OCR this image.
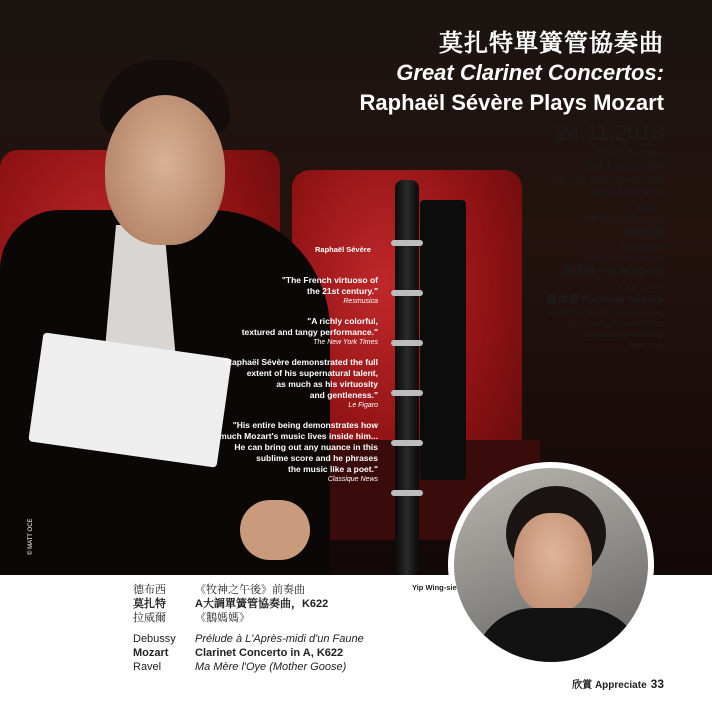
© MATT OCE
莫扎特單簧管協奏曲
Great Clarinet Concertos:
Raphaël Sévère Plays Mozart
24.11.2018
星期六 Sat 8pm
香港大會堂音樂廳
HK City Hall Concert Hall
$420 $320 $200
票房售票
URBTIX Box Office opens:
22.9.2018
音樂總監/指揮
Music Director/Conductor
葉詠詩 Yip Wing-sie
單簧管 Clarinet
塞韋爾 Raphaël Sévère
• 1st Prize & eight special prizes,
2013 Young Concert Artists
International Auditions,
New York
Raphaël Sévère
"The French virtuoso of
the 21st century."
Resmusica
"A richly colorful,
textured and tangy performance."
The New York Times
"Raphaël Sévère demonstrated the full
extent of his supernatural talent,
as much as his virtuosity
and gentleness."
Le Figaro
"His entire being demonstrates how
much Mozart's music lives inside him...
He can bring out any nuance in this
sublime score and he phrases
the music like a poet."
Classique News
Yip Wing-sie
德布西	《牧神之午後》前奏曲
莫扎特	A大調單簧管協奏曲，K622
拉威爾	《鵝媽媽》
Debussy	Prélude à L'Après-midi d'un Faune
Mozart	Clarinet Concerto in A, K622
Ravel	Ma Mère l'Oye (Mother Goose)
欣賞 Appreciate 33
